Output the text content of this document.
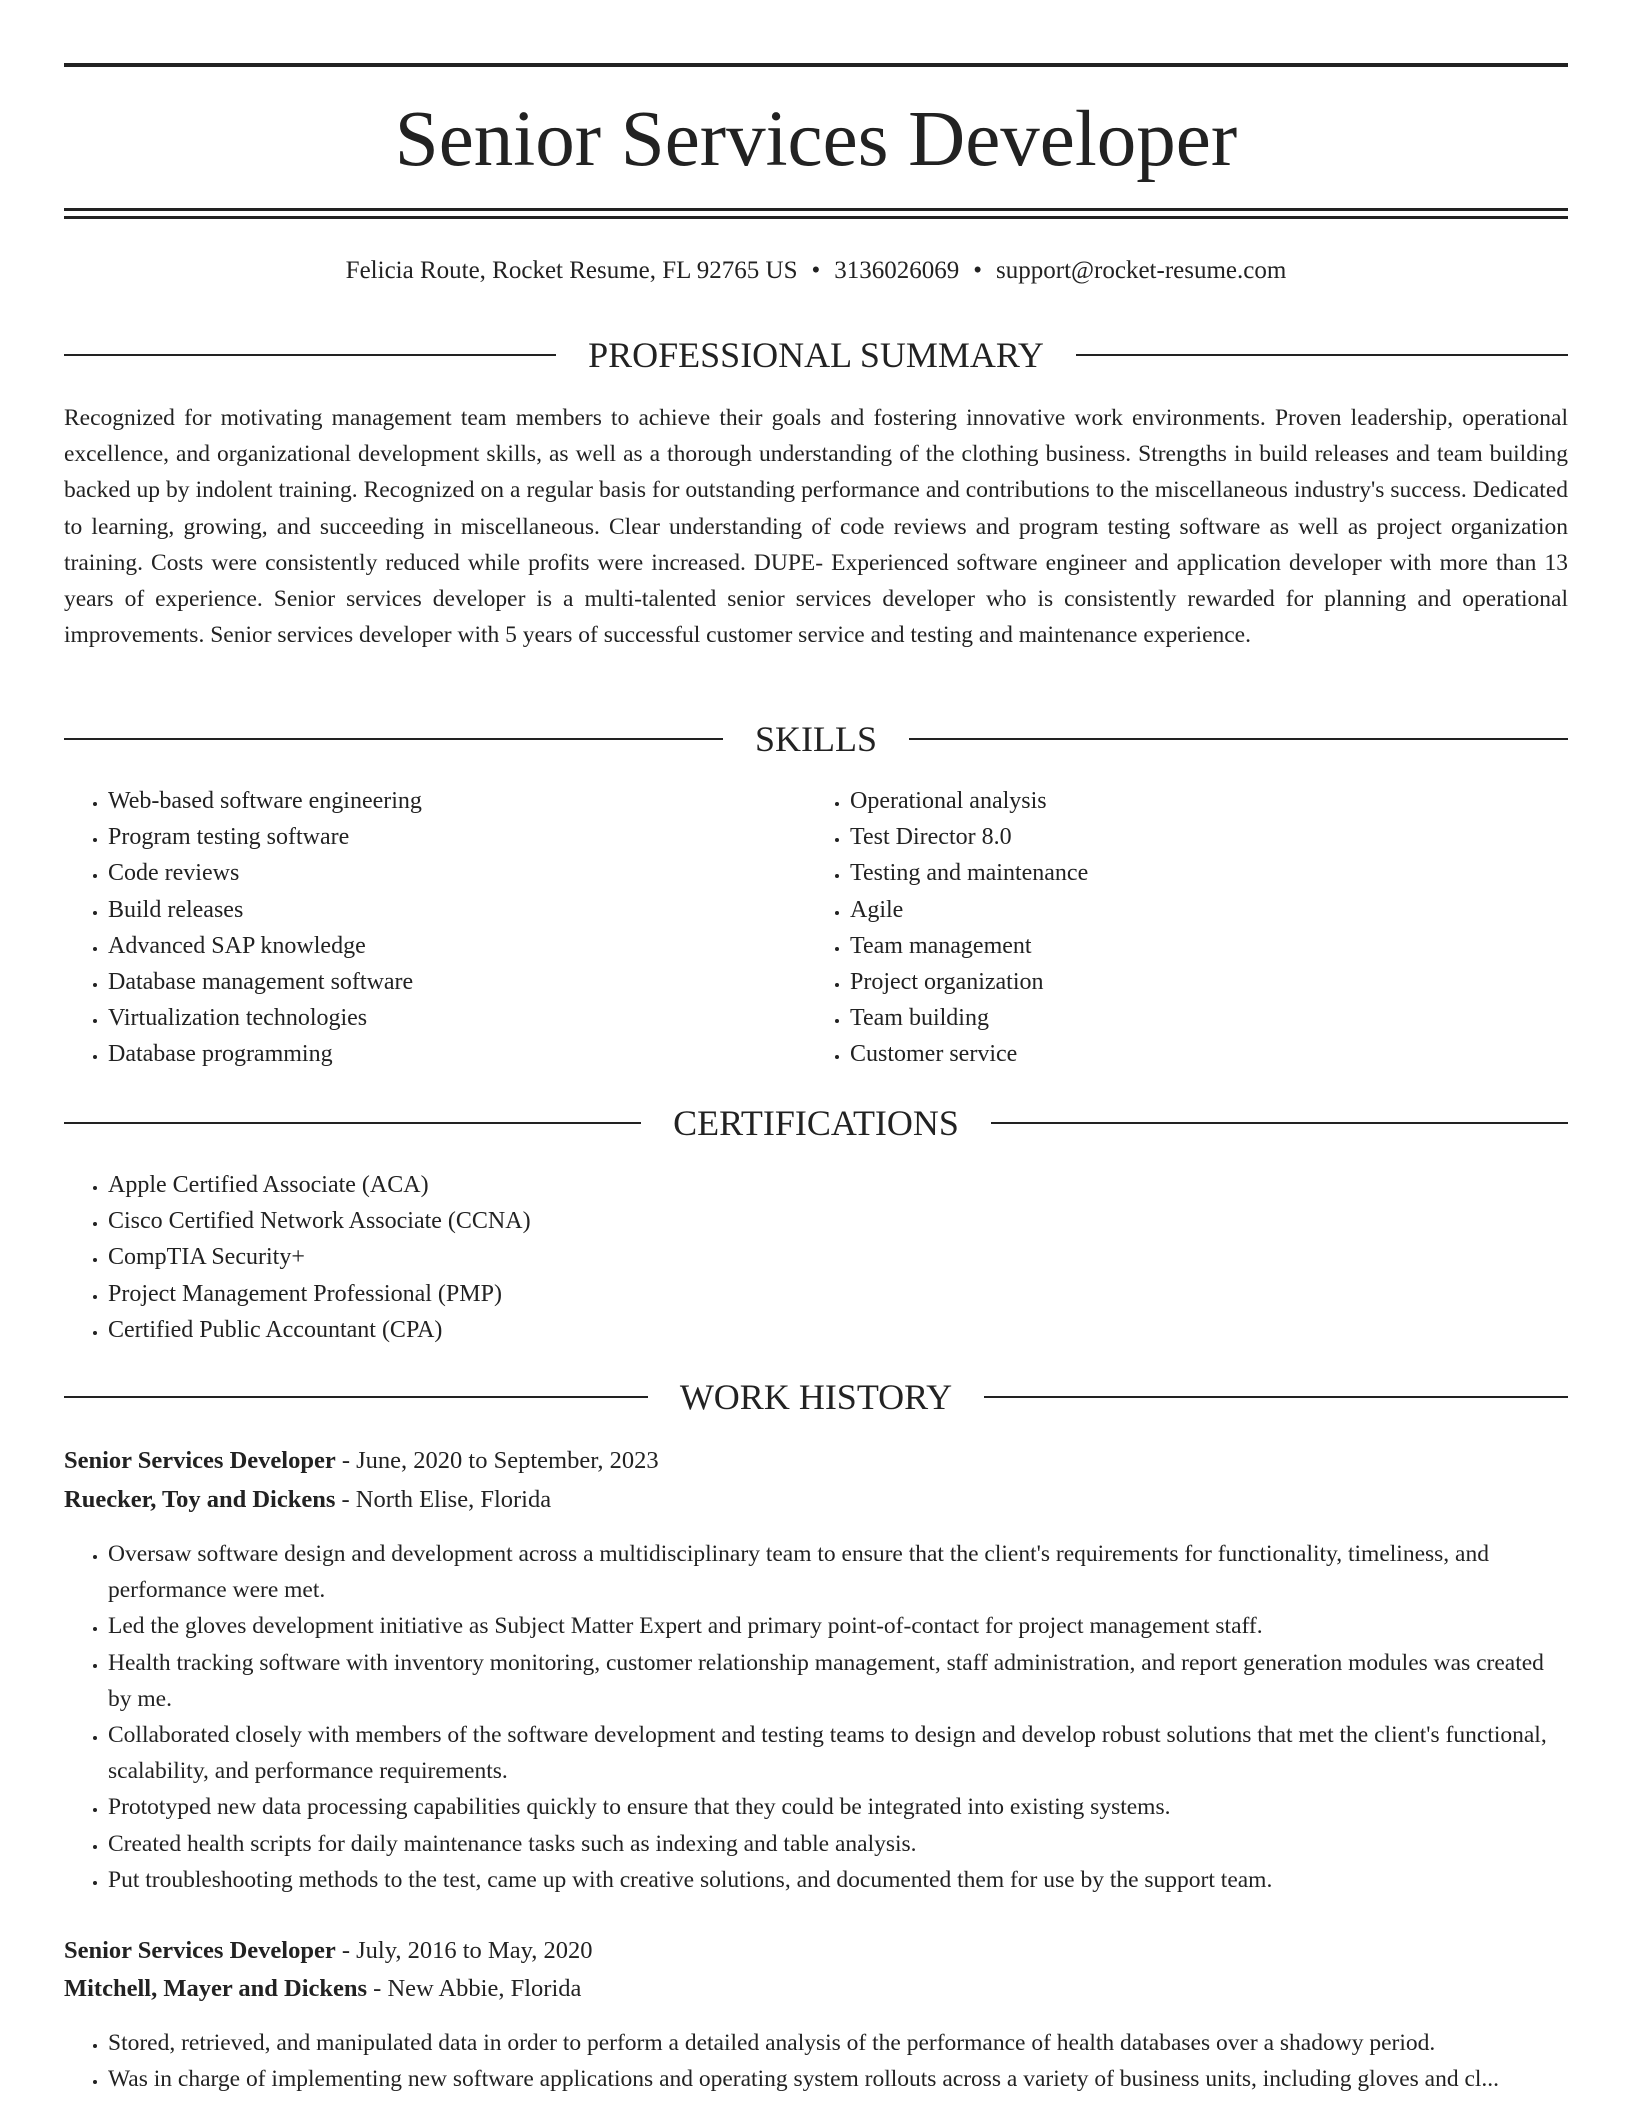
Senior Services Developer
Felicia Route, Rocket Resume, FL 92765 US • 3136026069 • support@rocket-resume.com
PROFESSIONAL SUMMARY
Recognized for motivating management team members to achieve their goals and fostering innovative work environments. Proven leadership, operational excellence, and organizational development skills, as well as a thorough understanding of the clothing business. Strengths in build releases and team building backed up by indolent training. Recognized on a regular basis for outstanding performance and contributions to the miscellaneous industry's success. Dedicated to learning, growing, and succeeding in miscellaneous. Clear understanding of code reviews and program testing software as well as project organization training. Costs were consistently reduced while profits were increased. DUPE- Experienced software engineer and application developer with more than 13 years of experience. Senior services developer is a multi-talented senior services developer who is consistently rewarded for planning and operational improvements. Senior services developer with 5 years of successful customer service and testing and maintenance experience.
SKILLS
• Web-based software engineering
• Program testing software
• Code reviews
• Build releases
• Advanced SAP knowledge
• Database management software
• Virtualization technologies
• Database programming
• Operational analysis
• Test Director 8.0
• Testing and maintenance
• Agile
• Team management
• Project organization
• Team building
• Customer service
CERTIFICATIONS
• Apple Certified Associate (ACA)
• Cisco Certified Network Associate (CCNA)
• CompTIA Security+
• Project Management Professional (PMP)
• Certified Public Accountant (CPA)
WORK HISTORY
Senior Services Developer - June, 2020 to September, 2023
Ruecker, Toy and Dickens - North Elise, Florida
• Oversaw software design and development across a multidisciplinary team to ensure that the client's requirements for functionality, timeliness, and performance were met.
• Led the gloves development initiative as Subject Matter Expert and primary point-of-contact for project management staff.
• Health tracking software with inventory monitoring, customer relationship management, staff administration, and report generation modules was created by me.
• Collaborated closely with members of the software development and testing teams to design and develop robust solutions that met the client's functional, scalability, and performance requirements.
• Prototyped new data processing capabilities quickly to ensure that they could be integrated into existing systems.
• Created health scripts for daily maintenance tasks such as indexing and table analysis.
• Put troubleshooting methods to the test, came up with creative solutions, and documented them for use by the support team.
Senior Services Developer - July, 2016 to May, 2020
Mitchell, Mayer and Dickens - New Abbie, Florida
• Stored, retrieved, and manipulated data in order to perform a detailed analysis of the performance of health databases over a shadowy period.
• Was in charge of implementing new software applications and operating system rollouts across a variety of business units, including gloves and cl...
